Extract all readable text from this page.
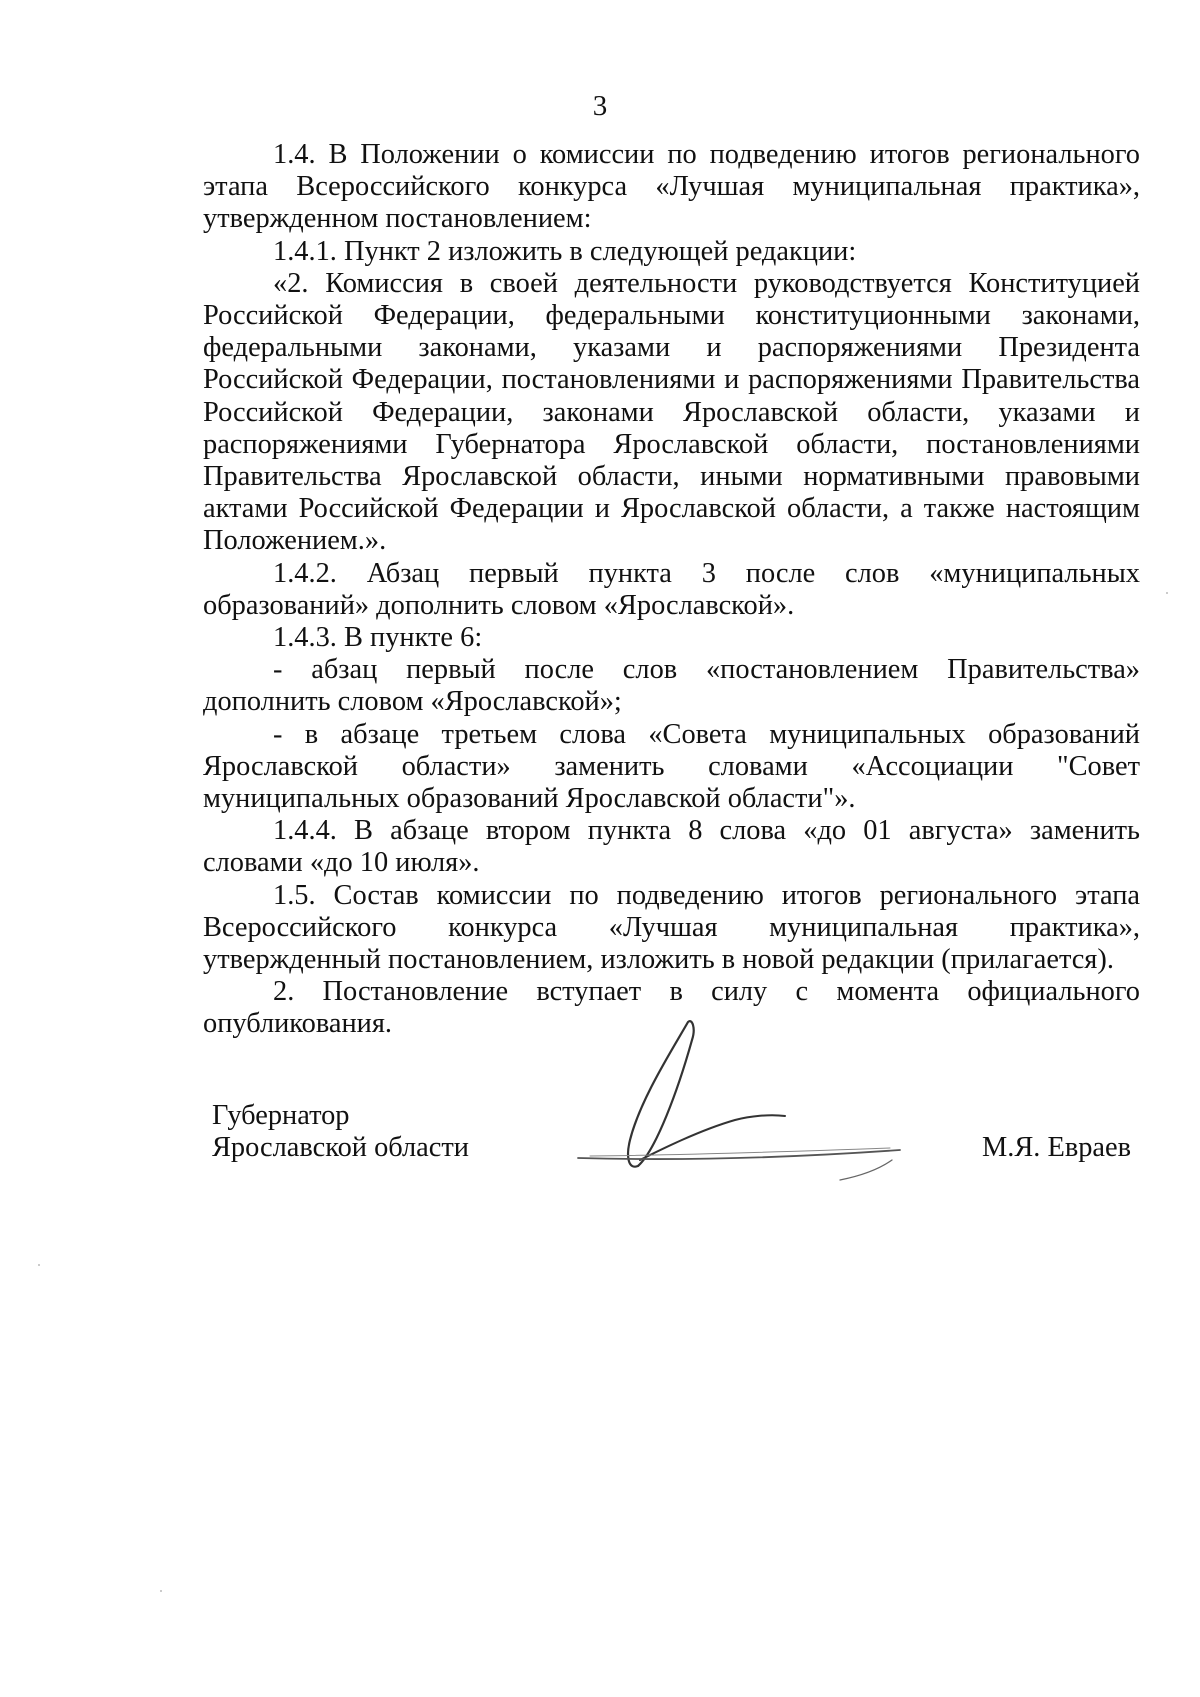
3

1.4. В Положении о комиссии по подведению итогов регионального этапа Всероссийского конкурса «Лучшая муниципальная практика», утвержденном постановлением:

1.4.1. Пункт 2 изложить в следующей редакции:

«2. Комиссия в своей деятельности руководствуется Конституцией Российской Федерации, федеральными конституционными законами, федеральными законами, указами и распоряжениями Президента Российской Федерации, постановлениями и распоряжениями Правительства Российской Федерации, законами Ярославской области, указами и распоряжениями Губернатора Ярославской области, постановлениями Правительства Ярославской области, иными нормативными правовыми актами Российской Федерации и Ярославской области, а также настоящим Положением.».

1.4.2. Абзац первый пункта 3 после слов «муниципальных образований» дополнить словом «Ярославской».

1.4.3. В пункте 6:

- абзац первый после слов «постановлением Правительства» дополнить словом «Ярославской»;

- в абзаце третьем слова «Совета муниципальных образований Ярославской области» заменить словами «Ассоциации "Совет муниципальных образований Ярославской области"».

1.4.4. В абзаце втором пункта 8 слова «до 01 августа» заменить словами «до 10 июля».

1.5. Состав комиссии по подведению итогов регионального этапа Всероссийского конкурса «Лучшая муниципальная практика», утвержденный постановлением, изложить в новой редакции (прилагается).

2. Постановление вступает в силу с момента официального опубликования.

Губернатор
Ярославской области	М.Я. Евраев
